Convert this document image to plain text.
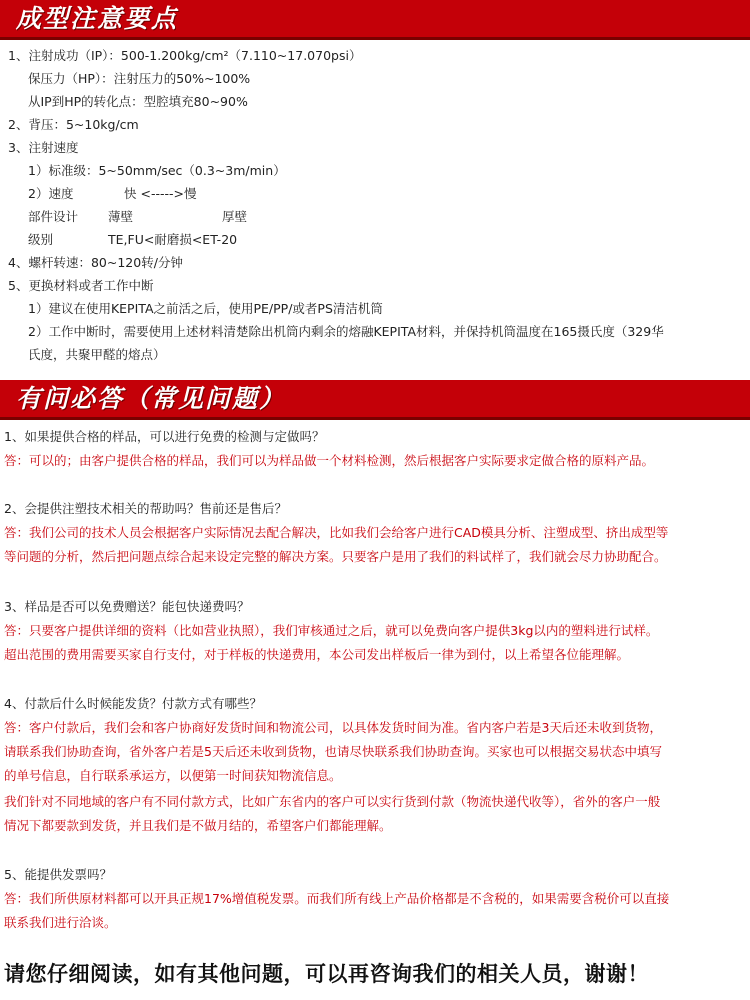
成型注意要点
1、注射成功（IP）：500-1.200kg/cm²（7.110~17.070psi）
保压力（HP）：注射压力的50%~100%
从IP到HP的转化点：型腔填充80~90%
2、背压：5~10kg/cm
3、注射速度
1）标准级：5~50mm/sec（0.3~3m/min）
2）速度	快 <----->慢
部件设计 薄壁	厚壁
级别	TE,FU<耐磨损<ET-20
4、螺杆转速：80~120转/分钟
5、更换材料或者工作中断
1）建议在使用KEPITA之前活之后，使用PE/PP/或者PS清洁机筒
2）工作中断时，需要使用上述材料清楚除出机筒内剩余的熔融KEPITA材料，并保持机筒温度在165摄氏度（329华
氏度，共聚甲醛的熔点）
有问必答（常见问题）
1、如果提供合格的样品，可以进行免费的检测与定做吗？
答：可以的；由客户提供合格的样品，我们可以为样品做一个材料检测，然后根据客户实际要求定做合格的原料产品。
2、会提供注塑技术相关的帮助吗？售前还是售后？
答：我们公司的技术人员会根据客户实际情况去配合解决，比如我们会给客户进行CAD模具分析、注塑成型、挤出成型等
等问题的分析，然后把问题点综合起来设定完整的解决方案。只要客户是用了我们的料试样了，我们就会尽力协助配合。
3、样品是否可以免费赠送？能包快递费吗？
答：只要客户提供详细的资料（比如营业执照），我们审核通过之后，就可以免费向客户提供3kg以内的塑料进行试样。
超出范围的费用需要买家自行支付，对于样板的快递费用，本公司发出样板后一律为到付，以上希望各位能理解。
4、付款后什么时候能发货？付款方式有哪些？
答：客户付款后，我们会和客户协商好发货时间和物流公司，以具体发货时间为准。省内客户若是3天后还未收到货物，
请联系我们协助查询，省外客户若是5天后还未收到货物，也请尽快联系我们协助查询。买家也可以根据交易状态中填写
的单号信息，自行联系承运方，以便第一时间获知物流信息。
我们针对不同地域的客户有不同付款方式，比如广东省内的客户可以实行货到付款（物流快递代收等），省外的客户一般
情况下都要款到发货，并且我们是不做月结的，希望客户们都能理解。
5、能提供发票吗？
答：我们所供原材料都可以开具正规17%增值税发票。而我们所有线上产品价格都是不含税的，如果需要含税价可以直接
联系我们进行洽谈。
请您仔细阅读，如有其他问题，可以再咨询我们的相关人员，谢谢！
